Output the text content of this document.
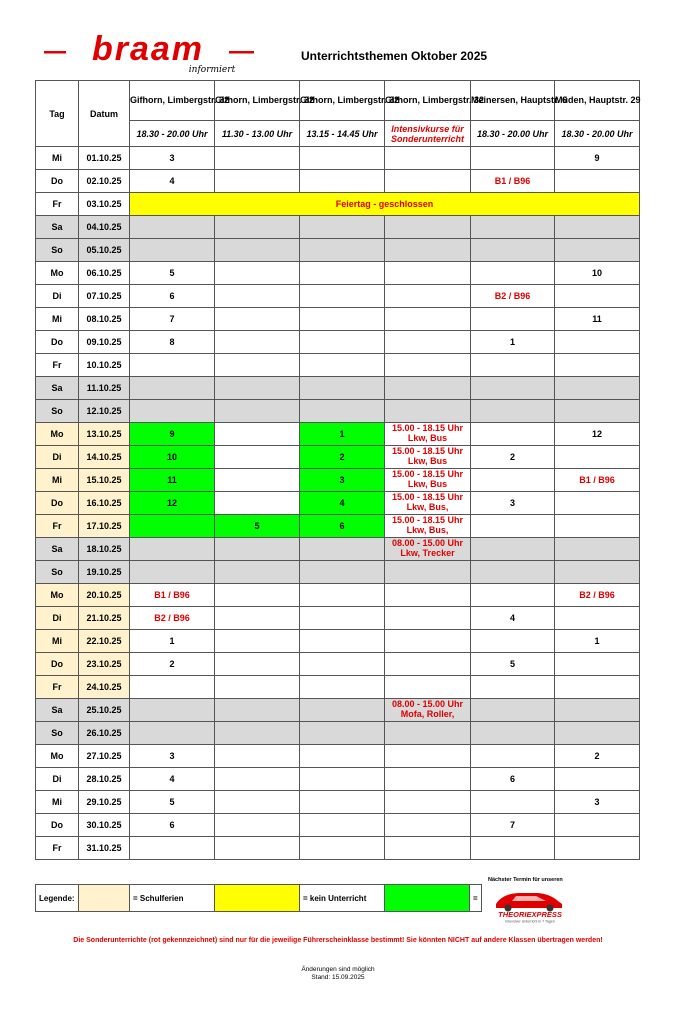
braam
informiert
Unterrichtsthemen Oktober 2025
Tag	Datum	Gifhorn, Limbergstr. 32	Gifhorn, Limbergstr. 32	Gifhorn, Limbergstr. 32	Gifhorn, Limbergstr. 32	Meinersen, Hauptstr. 6	Müden, Hauptstr. 29
		18.30 - 20.00 Uhr	11.30 - 13.00 Uhr	13.15 - 14.45 Uhr	Intensivkurse für Sonderunterricht	18.30 - 20.00 Uhr	18.30 - 20.00 Uhr
Mi	01.10.25	3					9
Do	02.10.25	4				B1 / B96	
Fr	03.10.25	Feiertag - geschlossen					
Sa	04.10.25						
So	05.10.25						
Mo	06.10.25	5					10
Di	07.10.25	6				B2 / B96	
Mi	08.10.25	7					11
Do	09.10.25	8				1	
Fr	10.10.25						
Sa	11.10.25						
So	12.10.25						
Mo	13.10.25	9		1	15.00 - 18.15 Uhr Lkw, Bus		12
Di	14.10.25	10		2	15.00 - 18.15 Uhr Lkw, Bus	2	
Mi	15.10.25	11		3	15.00 - 18.15 Uhr Lkw, Bus		B1 / B96
Do	16.10.25	12		4	15.00 - 18.15 Uhr Lkw, Bus,	3	
Fr	17.10.25		5	6	15.00 - 18.15 Uhr Lkw, Bus,		
Sa	18.10.25				08.00 - 15.00 Uhr Lkw, Trecker		
So	19.10.25						
Mo	20.10.25	B1 / B96					B2 / B96
Di	21.10.25	B2 / B96				4	
Mi	22.10.25	1					1
Do	23.10.25	2				5	
Fr	24.10.25						
Sa	25.10.25				08.00 - 15.00 Uhr Mofa, Roller,		
So	26.10.25						
Mo	27.10.25	3					2
Di	28.10.25	4				6	
Mi	29.10.25	5					3
Do	30.10.25	6				7	
Fr	31.10.25						
Legende:		= Schulferien		= kein Unterricht		=
Nächster Termin für unseren
THEORIEXPRESS
Intensiver Unterricht in 7 Tagen
Die Sonderunterrichte (rot gekennzeichnet) sind nur für die jeweilige Führerscheinklasse bestimmt! Sie könnten NICHT auf andere Klassen übertragen werden!
Änderungen sind möglich
Stand: 15.09.2025
